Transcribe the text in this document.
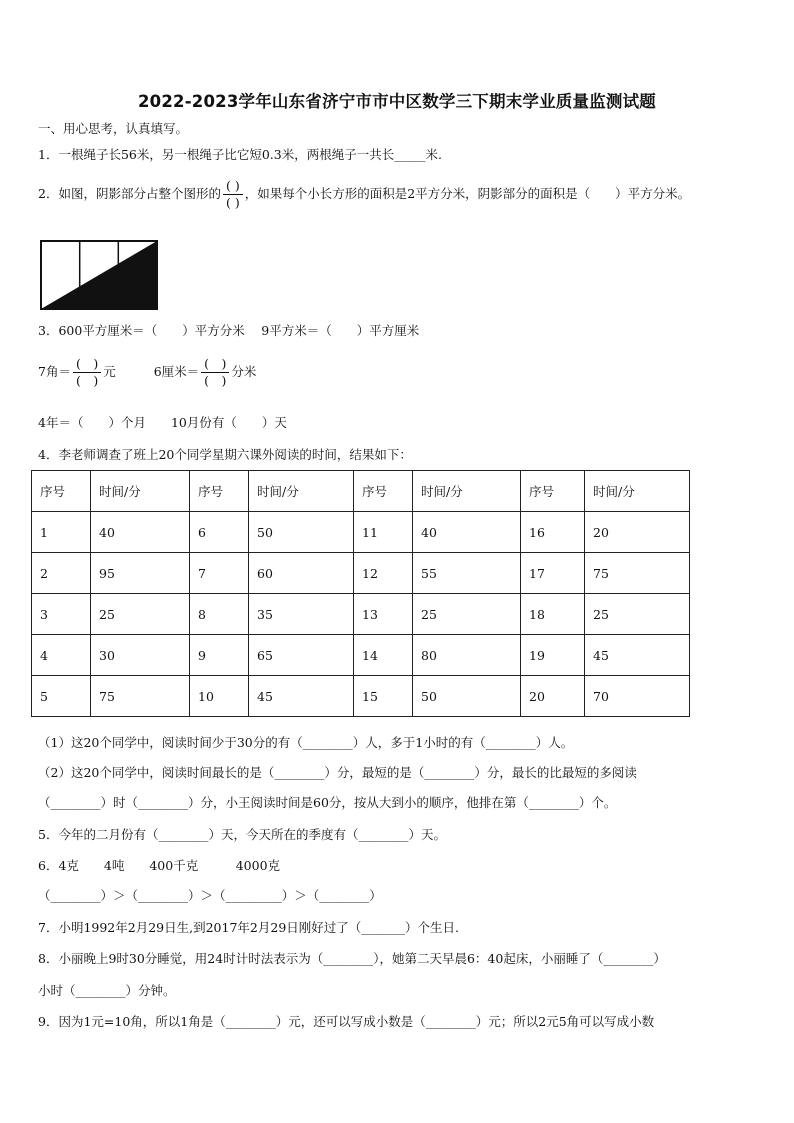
2022-2023学年山东省济宁市市中区数学三下期末学业质量监测试题
一、用心思考，认真填写。
1．一根绳子长56米，另一根绳子比它短0.3米，两根绳子一共长_____米.
2．如图，阴影部分占整个图形的 $\frac{( )}{( )}$ ，如果每个小长方形的面积是2平方分米，阴影部分的面积是（　　）平方分米。
3．600平方厘米＝（　　）平方分米　 9平方米＝（　　）平方厘米
7角＝ $\frac{( )}{( )}$ 元	6厘米＝ $\frac{( )}{( )}$ 分米
4年＝（　　）个月　　10月份有（　　）天
4．李老师调查了班上20个同学星期六课外阅读的时间，结果如下：
序号	时间/分	序号	时间/分	序号	时间/分	序号	时间/分
1	40	6	50	11	40	16	20
2	95	7	60	12	55	17	75
3	25	8	35	13	25	18	25
4	30	9	65	14	80	19	45
5	75	10	45	15	50	20	70
（1）这20个同学中，阅读时间少于30分的有（________）人，多于1小时的有（________）人。
（2）这20个同学中，阅读时间最长的是（________）分，最短的是（________）分，最长的比最短的多阅读
（________）时（________）分，小王阅读时间是60分，按从大到小的顺序，他排在第（________）个。
5．今年的二月份有（________）天，今天所在的季度有（________）天。
6．4克　　4吨　　400千克　　　4000克
（________）＞（________）＞（_________）＞（________）
7．小明1992年2月29日生,到2017年2月29日刚好过了（_______）个生日.
8．小丽晚上9时30分睡觉，用24时计时法表示为（________），她第二天早晨6：40起床，小丽睡了（________）
小时（________）分钟。
9．因为1元=10角，所以1角是（________）元，还可以写成小数是（________）元；所以2元5角可以写成小数
